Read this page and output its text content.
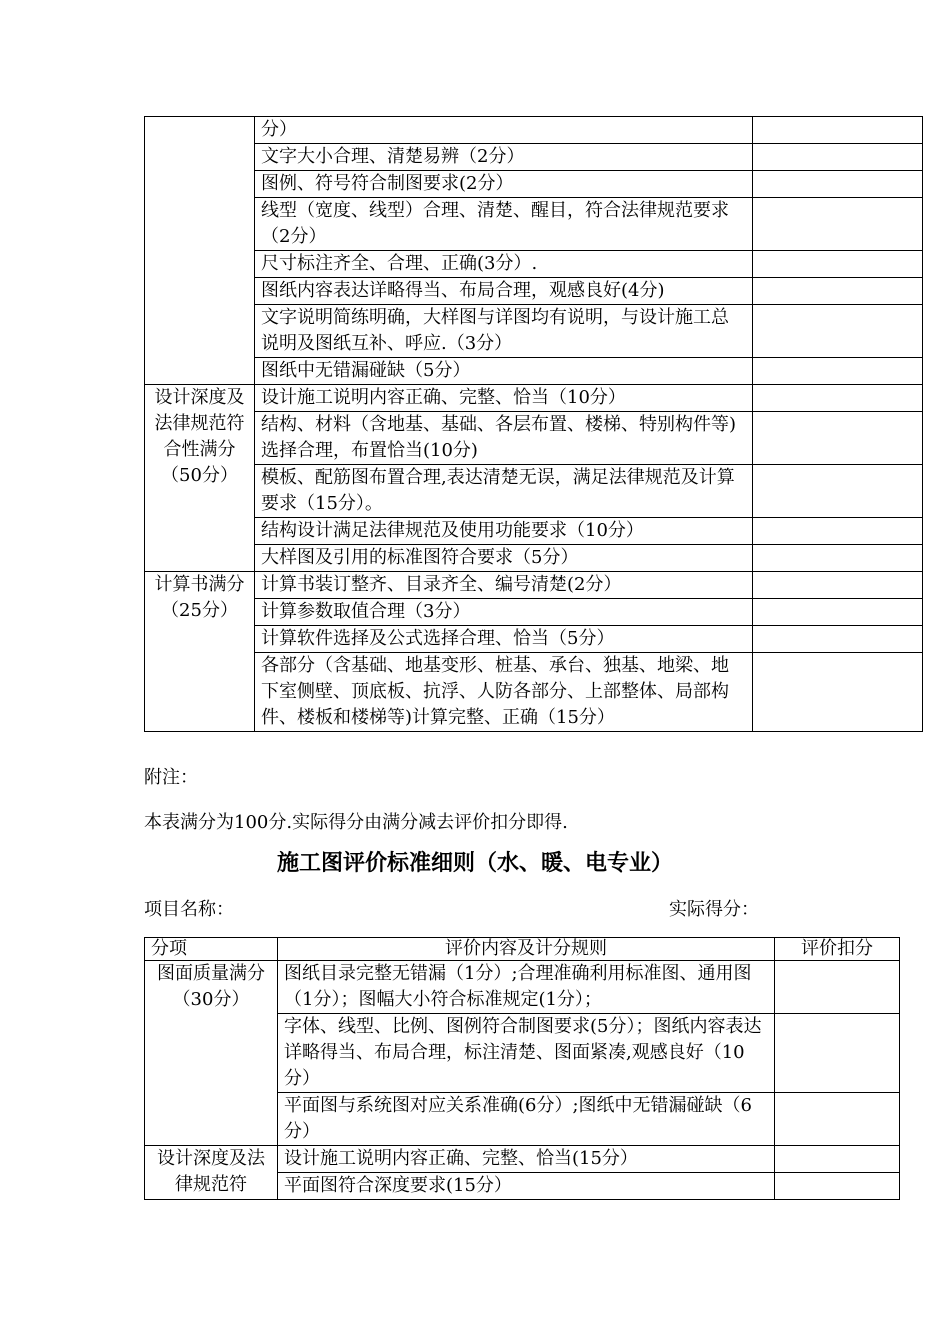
	分）	
	文字大小合理、清楚易辨（2分）	
	图例、符号符合制图要求(2分）	
	线型（宽度、线型）合理、清楚、醒目，符合法律规范要求（2分）	
	尺寸标注齐全、合理、正确(3分）.	
	图纸内容表达详略得当、布局合理，观感良好(4分)	
	文字说明简练明确，大样图与详图均有说明，与设计施工总说明及图纸互补、呼应.（3分）	
	图纸中无错漏碰缺（5分）	
设计深度及法律规范符合性满分（50分）	设计施工说明内容正确、完整、恰当（10分）	
	结构、材料（含地基、基础、各层布置、楼梯、特别构件等)选择合理，布置恰当(10分)	
	模板、配筋图布置合理,表达清楚无误，满足法律规范及计算要求（15分）。	
	结构设计满足法律规范及使用功能要求（10分）	
	大样图及引用的标准图符合要求（5分）	
计算书满分（25分）	计算书装订整齐、目录齐全、编号清楚(2分）	
	计算参数取值合理（3分）	
	计算软件选择及公式选择合理、恰当（5分）	
	各部分（含基础、地基变形、桩基、承台、独基、地梁、地下室侧壁、顶底板、抗浮、人防各部分、上部整体、局部构件、楼板和楼梯等)计算完整、正确（15分）	
附注：
本表满分为100分.实际得分由满分减去评价扣分即得.
施工图评价标准细则（水、暖、电专业）
项目名称：	实际得分：
分项	评价内容及计分规则	评价扣分
图面质量满分（30分）	图纸目录完整无错漏（1分）;合理准确利用标准图、通用图（1分）；图幅大小符合标准规定(1分）；	
	字体、线型、比例、图例符合制图要求(5分）；图纸内容表达详略得当、布局合理，标注清楚、图面紧凑,观感良好（10分）	
	平面图与系统图对应关系准确(6分）;图纸中无错漏碰缺（6分）	
设计深度及法律规范符	设计施工说明内容正确、完整、恰当(15分）	
	平面图符合深度要求(15分）	
